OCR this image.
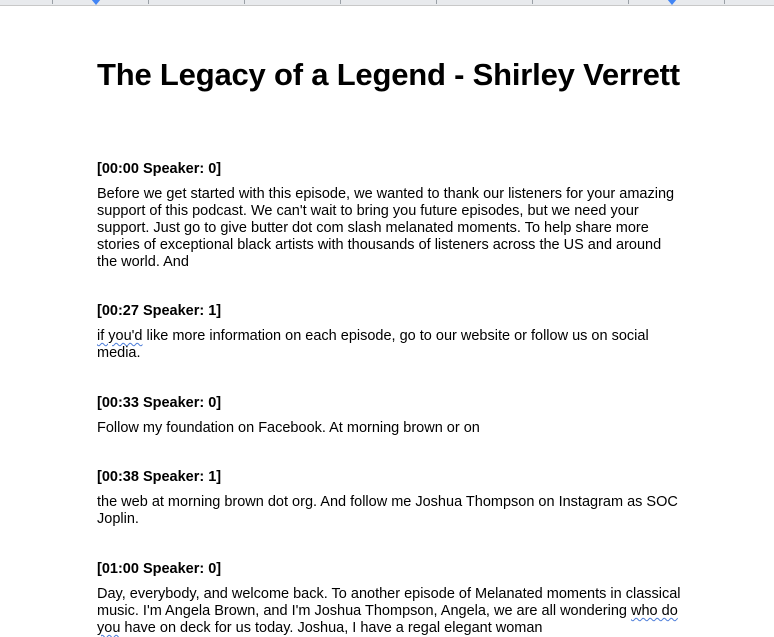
The Legacy of a Legend - Shirley Verrett

[00:00 Speaker: 0]

Before we get started with this episode, we wanted to thank our listeners for your amazing support of this podcast. We can't wait to bring you future episodes, but we need your support. Just go to give butter dot com slash melanated moments. To help share more stories of exceptional black artists with thousands of listeners across the US and around the world. And

[00:27 Speaker: 1]

if you'd like more information on each episode, go to our website or follow us on social media.

[00:33 Speaker: 0]

Follow my foundation on Facebook. At morning brown or on

[00:38 Speaker: 1]

the web at morning brown dot org. And follow me Joshua Thompson on Instagram as SOC Joplin.

[01:00 Speaker: 0]

Day, everybody, and welcome back. To another episode of Melanated moments in classical music. I'm Angela Brown, and I'm Joshua Thompson, Angela, we are all wondering who do you have on deck for us today. Joshua, I have a regal elegant woman
